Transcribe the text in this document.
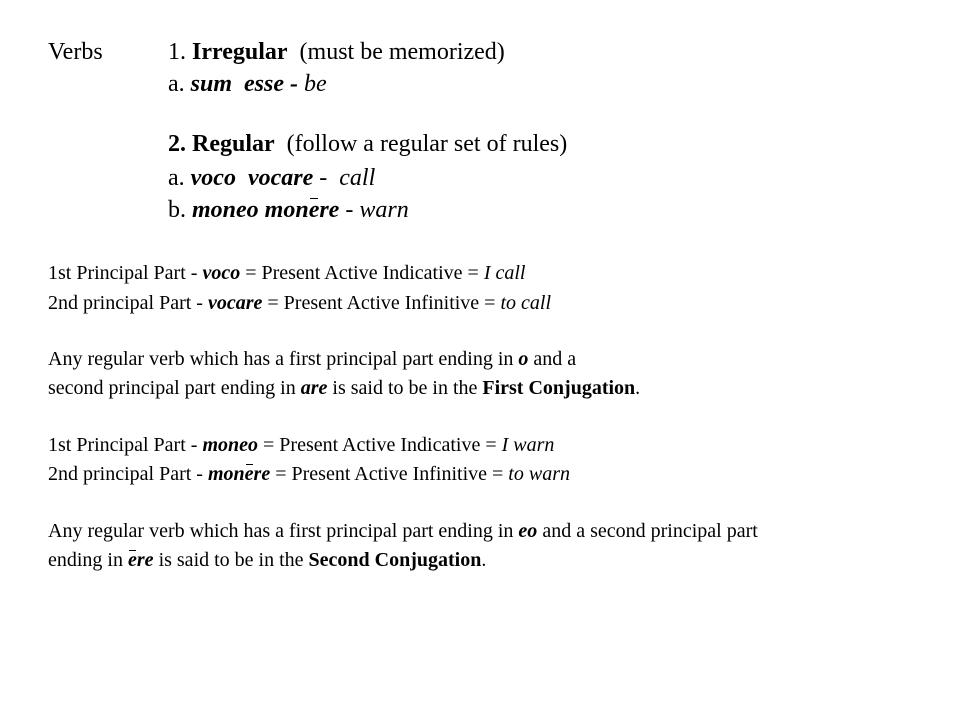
Verbs	1. Irregular (must be memorized)
a. sum  esse - be
2. Regular (follow a regular set of rules)
a. voco  vocare - call
b. moneo monere - warn
1st Principal Part - voco = Present Active Indicative = I call
2nd principal Part - vocare = Present Active Infinitive = to call
Any regular verb which has a first principal part ending in o and a
second principal part ending in are is said to be in the First Conjugation.
1st Principal Part - moneo = Present Active Indicative = I warn
2nd principal Part - monere = Present Active Infinitive = to warn
Any regular verb which has a first principal part ending in eo and a second principal part
ending in ere is said to be in the Second Conjugation.
